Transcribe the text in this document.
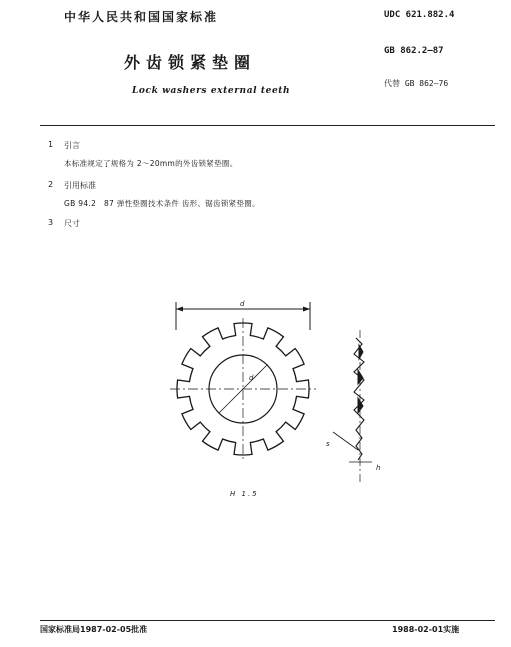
中华人民共和国国家标准	UDC 621.882.4
外齿锁紧垫圈
GB 862.2—87
Lock washers external teeth
代替 GB 862—76
1 引言
本标准规定了规格为 2～20mm的外齿锁紧垫圈。
2 引用标准
GB 94.2　87 弹性垫圈技术条件 齿形、锯齿锁紧垫圈。
3 尺寸
d
d
s
h
H 1.5
国家标准局1987-02-05批准	1988-02-01实施
